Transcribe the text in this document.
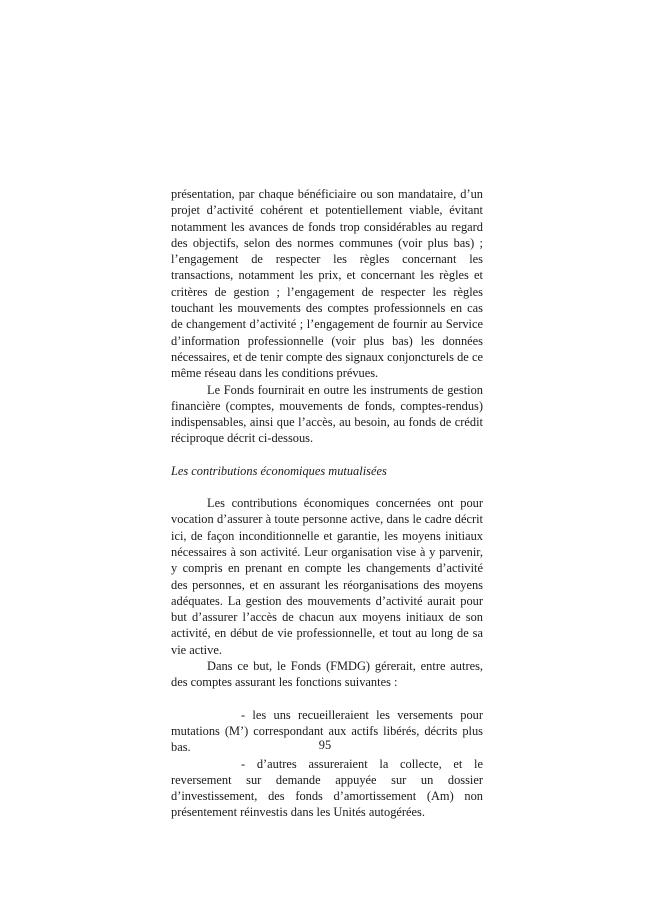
présentation, par chaque bénéficiaire ou son mandataire, d’un projet d’activité cohérent et potentiellement viable, évitant notamment les avances de fonds trop considérables au regard des objectifs, selon des normes communes (voir plus bas) ; l’engagement de respecter les règles concernant les transactions, notamment les prix, et concernant les règles et critères de gestion ; l’engagement de respecter les règles touchant les mouvements des comptes professionnels en cas de changement d’activité ; l’engagement de fournir au Service d’information professionnelle (voir plus bas) les données nécessaires, et de tenir compte des signaux conjoncturels de ce même réseau dans les conditions prévues.

Le Fonds fournirait en outre les instruments de gestion financière (comptes, mouvements de fonds, comptes-rendus) indispensables, ainsi que l’accès, au besoin, au fonds de crédit réciproque décrit ci-dessous.

Les contributions économiques mutualisées

Les contributions économiques concernées ont pour vocation d’assurer à toute personne active, dans le cadre décrit ici, de façon inconditionnelle et garantie, les moyens initiaux nécessaires à son activité. Leur organisation vise à y parvenir, y compris en prenant en compte les changements d’activité des personnes, et en assurant les réorganisations des moyens adéquates. La gestion des mouvements d’activité aurait pour but d’assurer l’accès de chacun aux moyens initiaux de son activité, en début de vie professionnelle, et tout au long de sa vie active.

Dans ce but, le Fonds (FMDG) gérerait, entre autres, des comptes assurant les fonctions suivantes :

- les uns recueilleraient les versements pour mutations (M’) correspondant aux actifs libérés, décrits plus bas.

- d’autres assureraient la collecte, et le reversement sur demande appuyée sur un dossier d’investissement, des fonds d’amortissement (Am) non présentement réinvestis dans les Unités autogérées.

95
